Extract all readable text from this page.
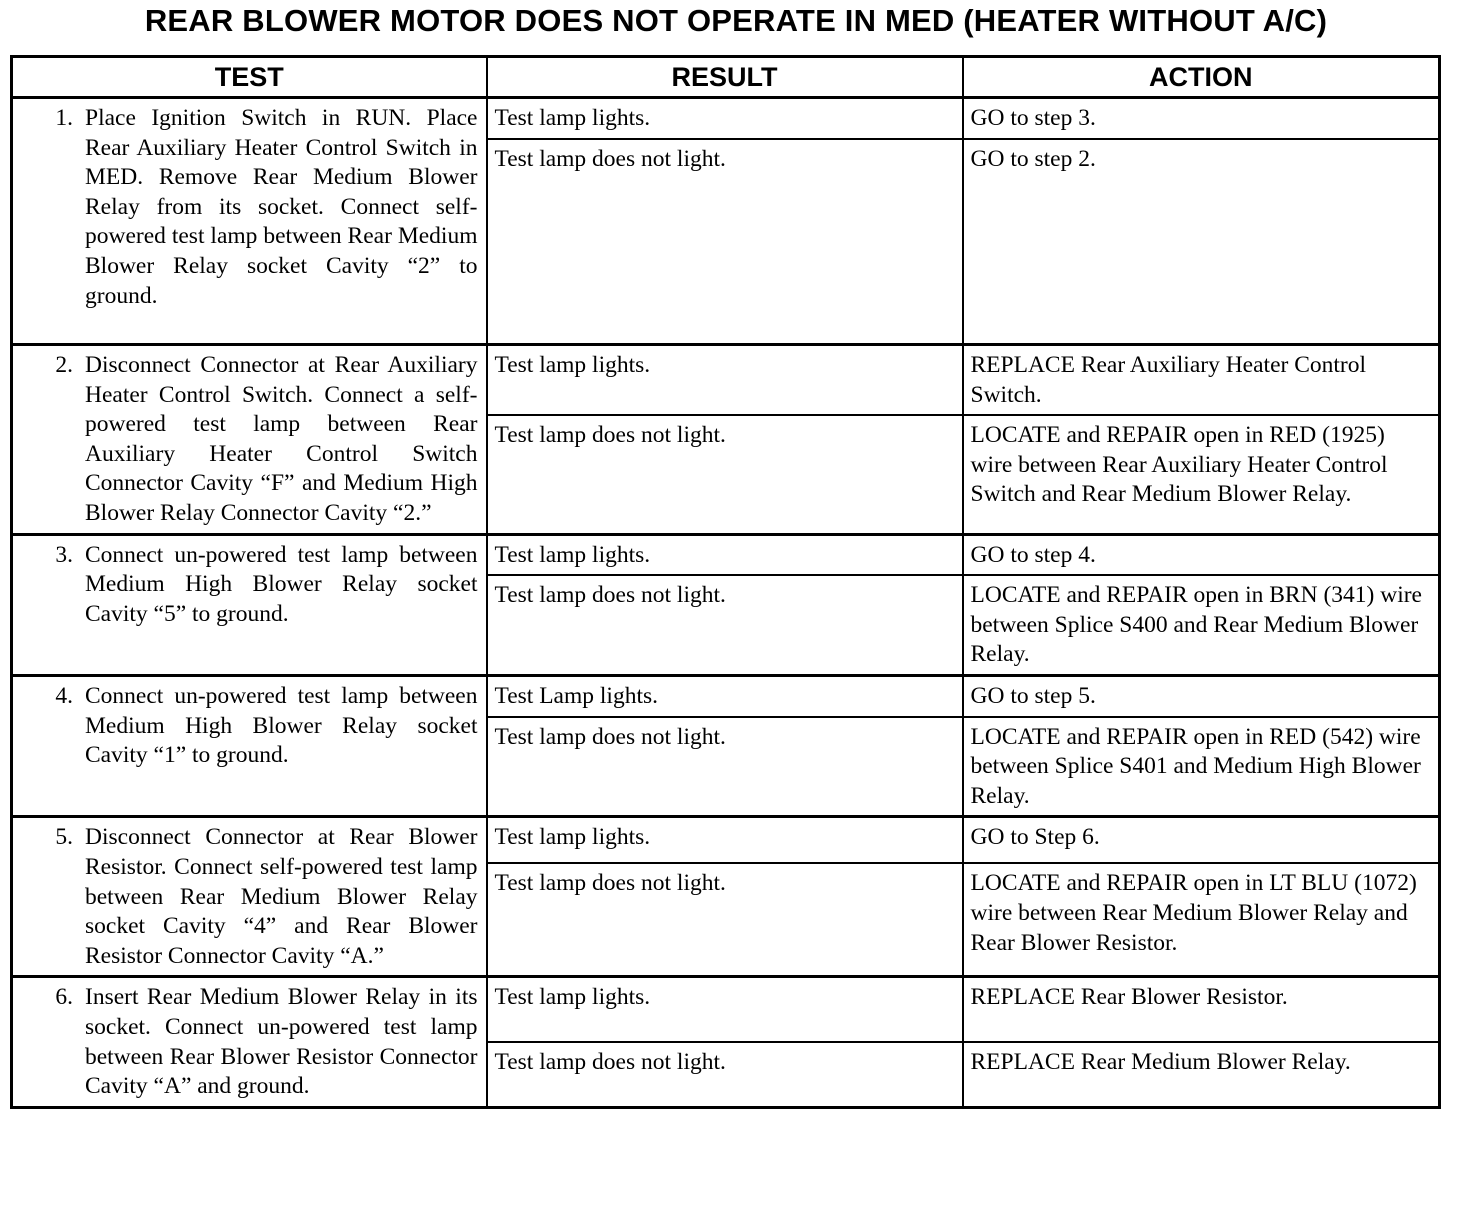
REAR BLOWER MOTOR DOES NOT OPERATE IN MED (HEATER WITHOUT A/C)
TEST	RESULT	ACTION

1. Place Ignition Switch in RUN. Place Rear Auxiliary Heater Control Switch in MED. Remove Rear Medium Blower Relay from its socket. Connect self-powered test lamp between Rear Medium Blower Relay socket Cavity “2” to ground.	Test lamp lights.	GO to step 3.
	Test lamp does not light.	GO to step 2.

2. Disconnect Connector at Rear Auxiliary Heater Control Switch. Connect a self- powered test lamp between Rear Auxiliary Heater Control Switch Connector Cavity “F” and Medium High Blower Relay Connector Cavity “2.”	Test lamp lights.	REPLACE Rear Auxiliary Heater Control Switch.
	Test lamp does not light.	LOCATE and REPAIR open in RED (1925) wire between Rear Auxiliary Heater Control Switch and Rear Medium Blower Relay.

3. Connect un-powered test lamp between Medium High Blower Relay socket Cavity “5” to ground.	Test lamp lights.	GO to step 4.
	Test lamp does not light.	LOCATE and REPAIR open in BRN (341) wire between Splice S400 and Rear Medium Blower Relay.

4. Connect un-powered test lamp between Medium High Blower Relay socket Cavity “1” to ground.	Test Lamp lights.	GO to step 5.
	Test lamp does not light.	LOCATE and REPAIR open in RED (542) wire between Splice S401 and Medium High Blower Relay.

5. Disconnect Connector at Rear Blower Resistor. Connect self-powered test lamp between Rear Medium Blower Relay socket Cavity “4” and Rear Blower Resistor Connector Cavity “A.”	Test lamp lights.	GO to Step 6.
	Test lamp does not light.	LOCATE and REPAIR open in LT BLU (1072) wire between Rear Medium Blower Relay and Rear Blower Resistor.

6. Insert Rear Medium Blower Relay in its socket. Connect un-powered test lamp between Rear Blower Resistor Connector Cavity “A” and ground.	Test lamp lights.	REPLACE Rear Blower Resistor.
	Test lamp does not light.	REPLACE Rear Medium Blower Relay.
